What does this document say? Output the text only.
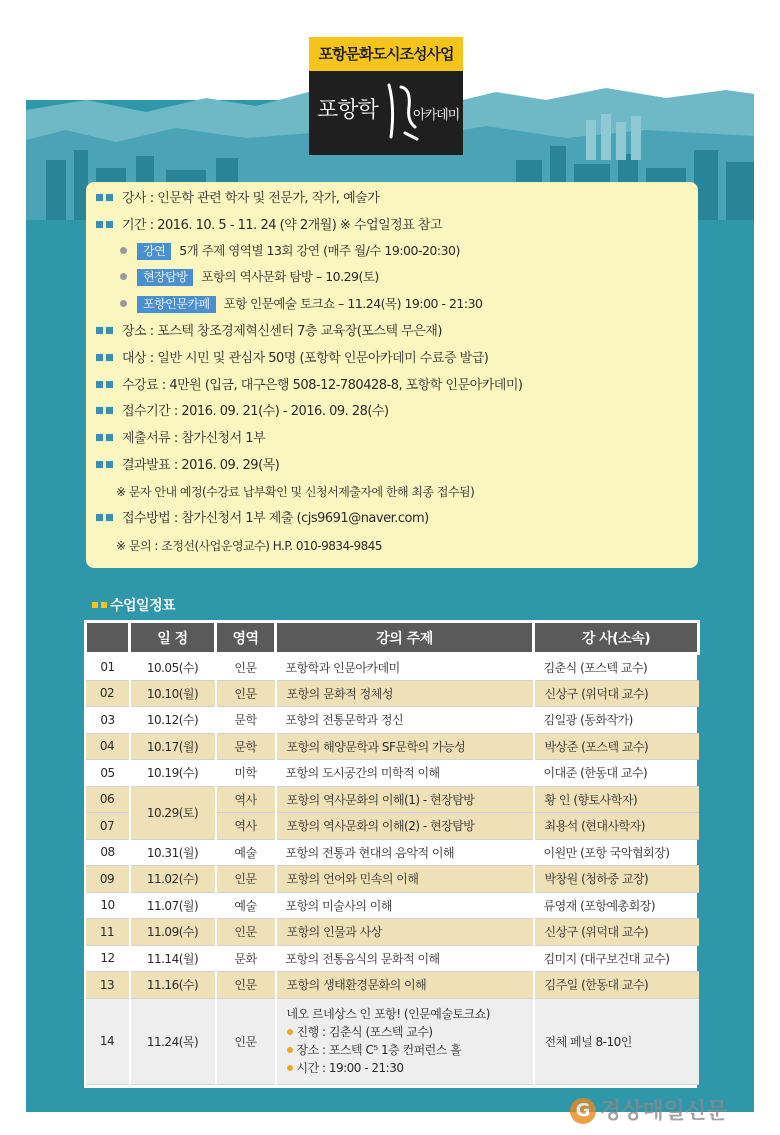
포항문화도시조성사업
포항학	아카데미
강사 : 인문학 관련 학자 및 전문가, 작가, 예술가
기간 : 2016. 10. 5 - 11. 24 (약 2개월) ※ 수업일정표 참고
강연 5개 주제 영역별 13회 강연 (매주 월/수 19:00-20:30)
현장탐방 포항의 역사문화 탐방 – 10.29(토)
포항인문카페 포항 인문예술 토크쇼 – 11.24(목) 19:00 - 21:30
장소 : 포스텍 창조경제혁신센터 7층 교육장(포스텍 무은재)
대상 : 일반 시민 및 관심자 50명 (포항학 인문아카데미 수료증 발급)
수강료 : 4만원 (입금, 대구은행 508-12-780428-8, 포항학 인문아카데미)
접수기간 : 2016. 09. 21(수) - 2016. 09. 28(수)
제출서류 : 참가신청서 1부
결과발표 : 2016. 09. 29(목)
※ 문자 안내 예정(수강료 납부확인 및 신청서제출자에 한해 최종 접수됨)
접수방법 : 참가신청서 1부 제출 (cjs9691@naver.com)
※ 문의 : 조정선(사업운영교수) H.P. 010-9834-9845
수업일정표
	일 정	영역	강의 주제	강 사(소속)
01	10.05(수)	인문	포항학과 인문아카데미	김춘식 (포스텍 교수)
02	10.10(월)	인문	포항의 문화적 정체성	신상구 (위덕대 교수)
03	10.12(수)	문학	포항의 전통문학과 정신	김일광 (동화작가)
04	10.17(월)	문학	포항의 해양문학과 SF문학의 가능성	박상준 (포스텍 교수)
05	10.19(수)	미학	포항의 도시공간의 미학적 이해	이대준 (한동대 교수)
06	10.29(토)	역사	포항의 역사문화의 이해(1) - 현장탐방	황 인 (향토사학자)
07		역사	포항의 역사문화의 이해(2) - 현장탐방	최용석 (현대사학자)
08	10.31(월)	예술	포항의 전통과 현대의 음악적 이해	이원만 (포항 국악협회장)
09	11.02(수)	인문	포항의 언어와 민속의 이해	박창원 (청하중 교장)
10	11.07(월)	예술	포항의 미술사의 이해	류영재 (포항예총회장)
11	11.09(수)	인문	포항의 인물과 사상	신상구 (위덕대 교수)
12	11.14(월)	문화	포항의 전통음식의 문화적 이해	김미지 (대구보건대 교수)
13	11.16(수)	인문	포항의 생태환경문화의 이해	김주일 (한동대 교수)
14	11.24(목)	인문	네오 르네상스 인 포항! (인문예술토크쇼)
진행 : 김춘식 (포스텍 교수)
장소 : 포스텍 C⁵ 1층 컨퍼런스 홀
시간 : 19:00 - 21:30	전체 페널 8-10인
G 경상매일신문
